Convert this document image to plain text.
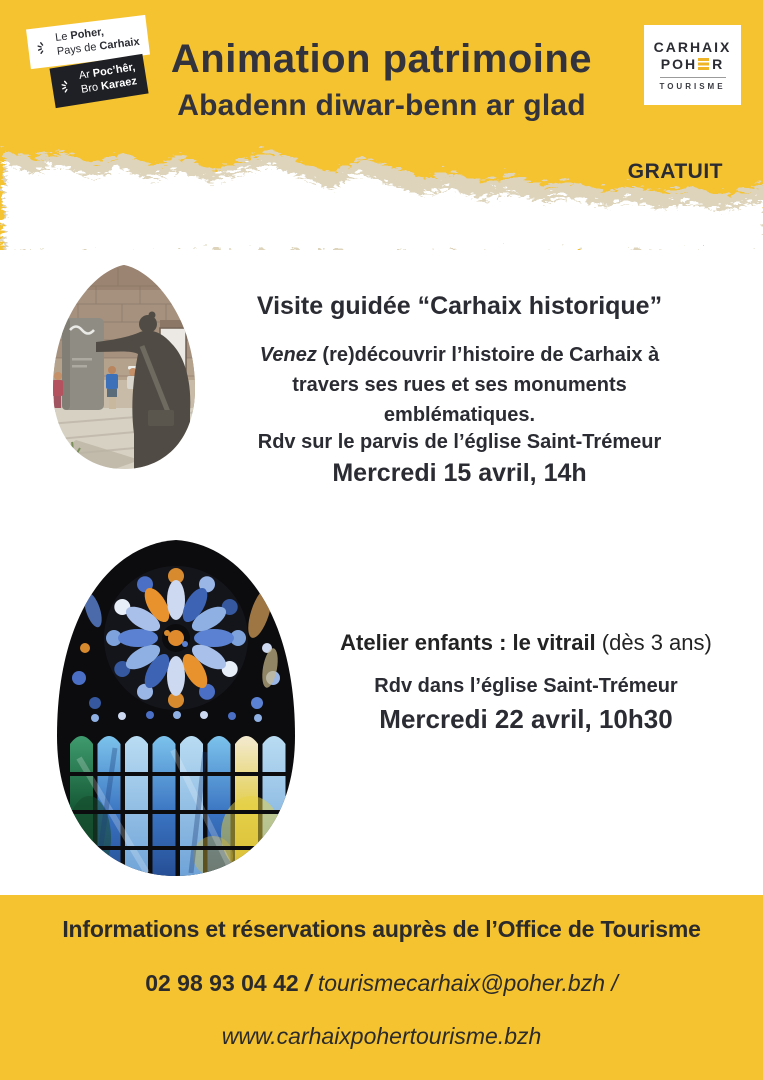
Le Poher,
Pays de Carhaix
Ar Poc’hêr,
Bro Karaez
Animation patrimoine
Abadenn diwar-benn ar glad
CARHAIX
POH R
TOURISME
GRATUIT
Visite guidée “Carhaix historique”

Venez (re)découvrir l’histoire de Carhaix à travers ses rues et ses monuments emblématiques.

Rdv sur le parvis de l’église Saint-Trémeur
Mercredi 15 avril, 14h
Atelier enfants : le vitrail (dès 3 ans)
Rdv dans l’église Saint-Trémeur
Mercredi 22 avril, 10h30
Informations et réservations auprès de l’Office de Tourisme
02 98 93 04 42 / tourismecarhaix@poher.bzh /
www.carhaixpohertourisme.bzh
